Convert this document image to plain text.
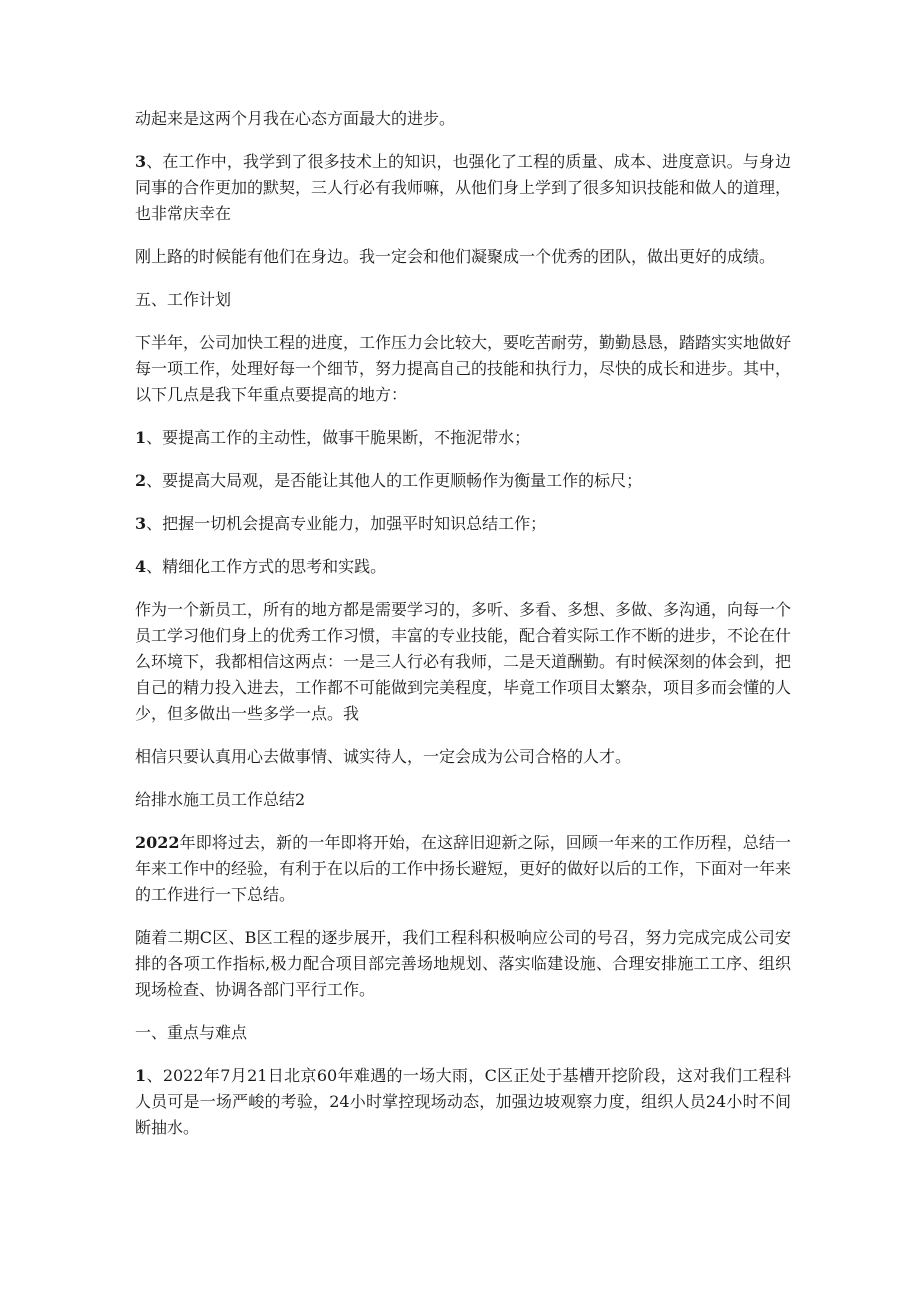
动起来是这两个月我在心态方面最大的进步。

3、在工作中，我学到了很多技术上的知识，也强化了工程的质量、成本、进度意识。与身边同事的合作更加的默契，三人行必有我师嘛，从他们身上学到了很多知识技能和做人的道理，也非常庆幸在

刚上路的时候能有他们在身边。我一定会和他们凝聚成一个优秀的团队，做出更好的成绩。

五、工作计划

下半年，公司加快工程的进度，工作压力会比较大，要吃苦耐劳，勤勤恳恳，踏踏实实地做好每一项工作，处理好每一个细节，努力提高自己的技能和执行力，尽快的成长和进步。其中，以下几点是我下年重点要提高的地方：

1、要提高工作的主动性，做事干脆果断，不拖泥带水；

2、要提高大局观，是否能让其他人的工作更顺畅作为衡量工作的标尺；

3、把握一切机会提高专业能力，加强平时知识总结工作；

4、精细化工作方式的思考和实践。

作为一个新员工，所有的地方都是需要学习的，多听、多看、多想、多做、多沟通，向每一个员工学习他们身上的优秀工作习惯，丰富的专业技能，配合着实际工作不断的进步，不论在什么环境下，我都相信这两点：一是三人行必有我师，二是天道酬勤。有时候深刻的体会到，把自己的精力投入进去，工作都不可能做到完美程度，毕竟工作项目太繁杂，项目多而会懂的人少，但多做出一些多学一点。我

相信只要认真用心去做事情、诚实待人，一定会成为公司合格的人才。

给排水施工员工作总结2

2022年即将过去，新的一年即将开始，在这辞旧迎新之际，回顾一年来的工作历程，总结一年来工作中的经验，有利于在以后的工作中扬长避短，更好的做好以后的工作，下面对一年来的工作进行一下总结。

随着二期C区、B区工程的逐步展开，我们工程科积极响应公司的号召，努力完成完成公司安排的各项工作指标,极力配合项目部完善场地规划、落实临建设施、合理安排施工工序、组织现场检查、协调各部门平行工作。

一、重点与难点

1、2022年7月21日北京60年难遇的一场大雨，C区正处于基槽开挖阶段，这对我们工程科人员可是一场严峻的考验，24小时掌控现场动态，加强边坡观察力度，组织人员24小时不间断抽水。
